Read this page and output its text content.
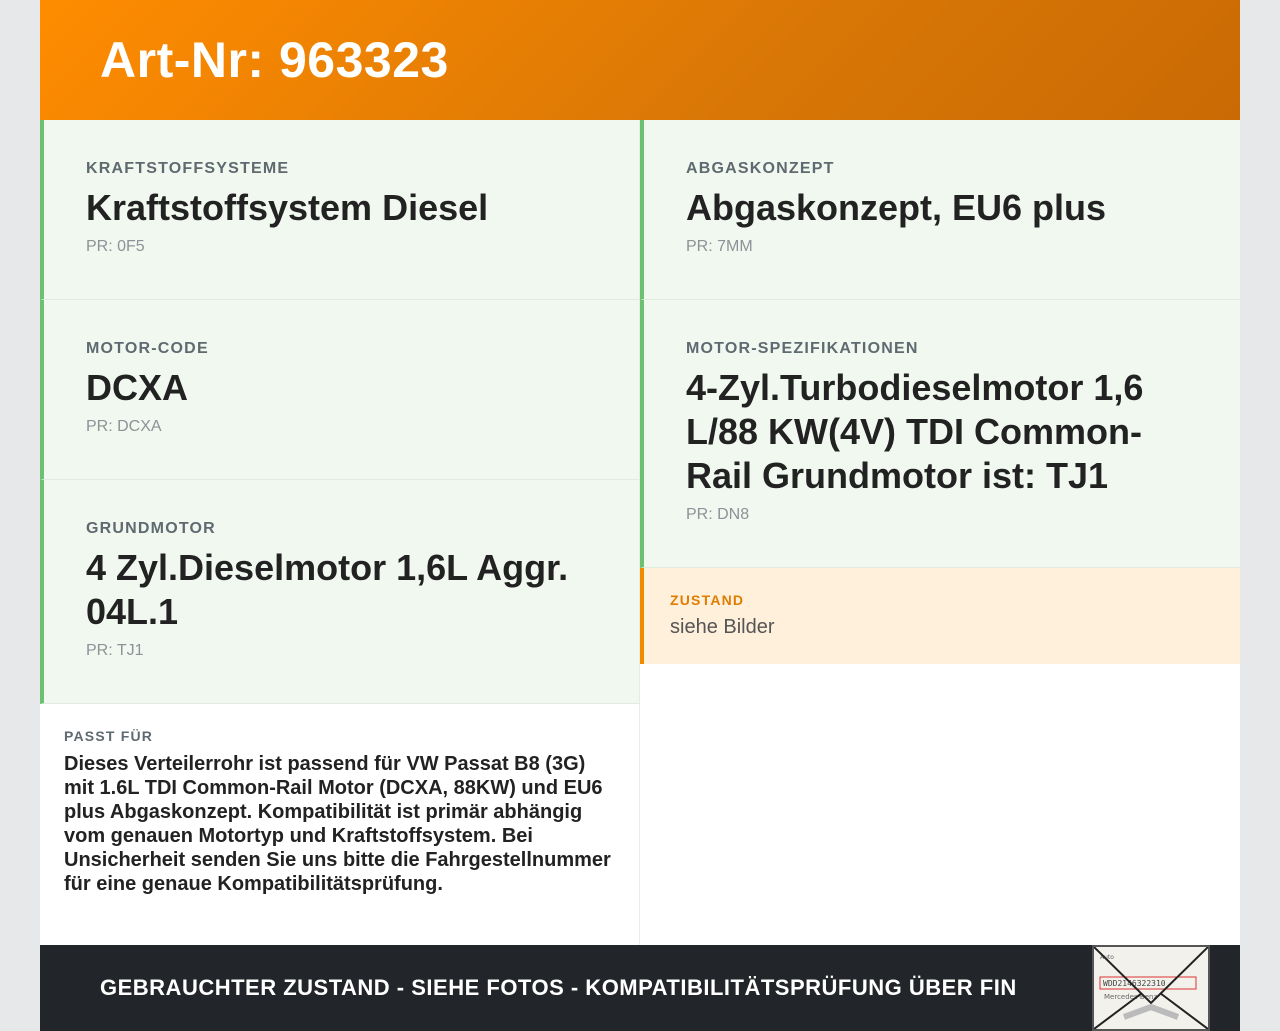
Art-Nr: 963323
KRAFTSTOFFSYSTEME
Kraftstoffsystem Diesel
PR: 0F5
MOTOR-CODE
DCXA
PR: DCXA
GRUNDMOTOR
4 Zyl.Dieselmotor 1,6L Aggr. 04L.1
PR: TJ1
PASST FÜR
Dieses Verteilerrohr ist passend für VW Passat B8 (3G) mit 1.6L TDI Common-Rail Motor (DCXA, 88KW) und EU6 plus Abgaskonzept. Kompatibilität ist primär abhängig vom genauen Motortyp und Kraftstoffsystem. Bei Unsicherheit senden Sie uns bitte die Fahrgestellnummer für eine genaue Kompatibilitätsprüfung.
ABGASKONZEPT
Abgaskonzept, EU6 plus
PR: 7MM
MOTOR-SPEZIFIKATIONEN
4-Zyl.Turbodieselmotor 1,6 L/88 KW(4V) TDI Common-Rail Grundmotor ist: TJ1
PR: DN8
ZUSTAND
siehe Bilder
GEBRAUCHTER ZUSTAND - SIEHE FOTOS - KOMPATIBILITÄTSPRÜFUNG ÜBER FIN
Auto
WDD2146322310
Mercedes-Benz
